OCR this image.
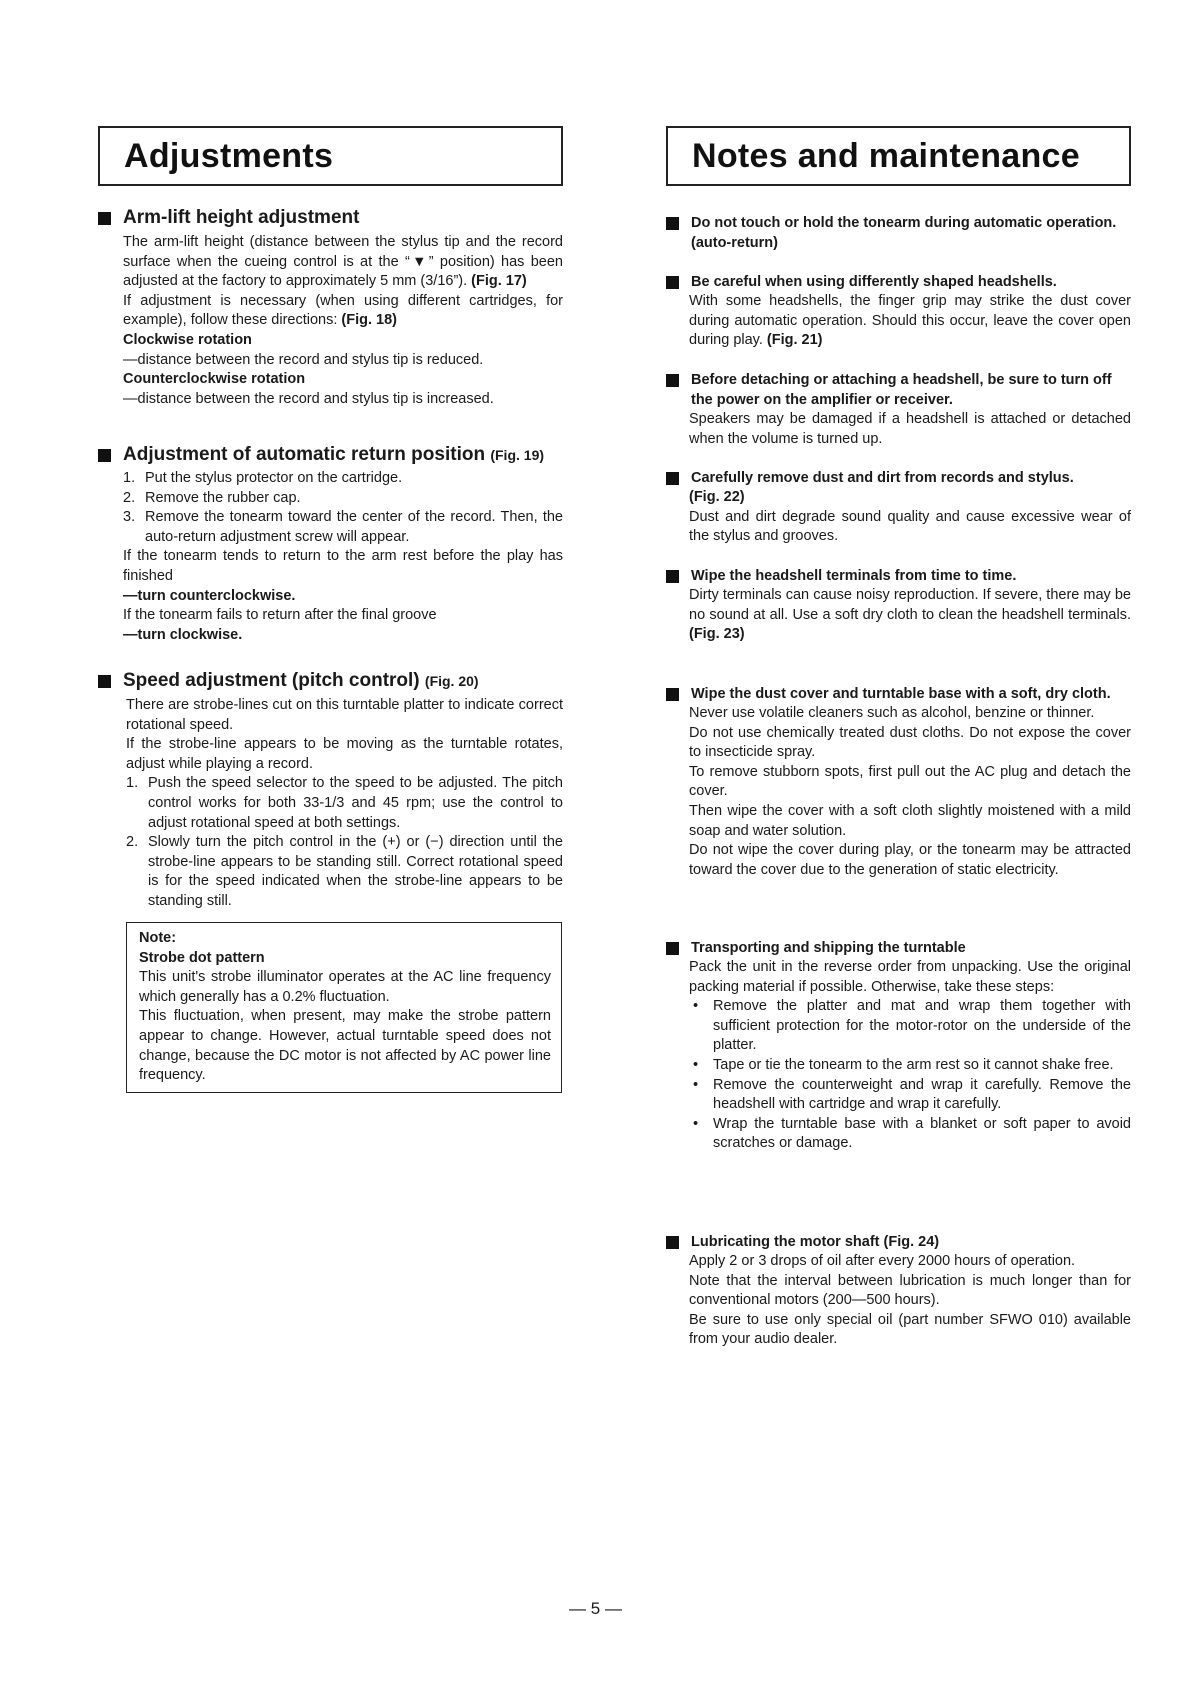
Adjustments
Arm-lift height adjustment

The arm-lift height (distance between the stylus tip and the record surface when the cueing control is at the “▼” position) has been adjusted at the factory to approximately 5 mm (3/16”). (Fig. 17)

If adjustment is necessary (when using different cartridges, for example), follow these directions: (Fig. 18)

Clockwise rotation

—distance between the record and stylus tip is reduced.

Counterclockwise rotation

—distance between the record and stylus tip is increased.

Adjustment of automatic return position (Fig. 19)
1. Put the stylus protector on the cartridge.
2. Remove the rubber cap.
3. Remove the tonearm toward the center of the record. Then, the auto-return adjustment screw will appear.

If the tonearm tends to return to the arm rest before the play has finished

—turn counterclockwise.

If the tonearm fails to return after the final groove

—turn clockwise.

Speed adjustment (pitch control) (Fig. 20)

There are strobe-lines cut on this turntable platter to indicate correct rotational speed.

If the strobe-line appears to be moving as the turntable rotates, adjust while playing a record.

1. Push the speed selector to the speed to be adjusted. The pitch control works for both 33-1/3 and 45 rpm; use the control to adjust rotational speed at both settings.
2. Slowly turn the pitch control in the (+) or (−) direction until the strobe-line appears to be standing still. Correct rotational speed is for the speed indicated when the strobe-line appears to be standing still.

Note:

Strobe dot pattern

This unit's strobe illuminator operates at the AC line frequency which generally has a 0.2% fluctuation.

This fluctuation, when present, may make the strobe pattern appear to change. However, actual turntable speed does not change, because the DC motor is not affected by AC power line frequency.

Notes and maintenance
Do not touch or hold the tonearm during automatic operation. (auto-return)
Be careful when using differently shaped headshells.

With some headshells, the finger grip may strike the dust cover during automatic operation. Should this occur, leave the cover open during play. (Fig. 21)

Before detaching or attaching a headshell, be sure to turn off the power on the amplifier or receiver.

Speakers may be damaged if a headshell is attached or detached when the volume is turned up.

Carefully remove dust and dirt from records and stylus.

(Fig. 22)

Dust and dirt degrade sound quality and cause excessive wear of the stylus and grooves.

Wipe the headshell terminals from time to time.

Dirty terminals can cause noisy reproduction. If severe, there may be no sound at all. Use a soft dry cloth to clean the headshell terminals. (Fig. 23)

Wipe the dust cover and turntable base with a soft, dry cloth.

Never use volatile cleaners such as alcohol, benzine or thinner.

Do not use chemically treated dust cloths. Do not expose the cover to insecticide spray.

To remove stubborn spots, first pull out the AC plug and detach the cover.

Then wipe the cover with a soft cloth slightly moistened with a mild soap and water solution.

Do not wipe the cover during play, or the tonearm may be attracted toward the cover due to the generation of static electricity.

Transporting and shipping the turntable

Pack the unit in the reverse order from unpacking. Use the original packing material if possible. Otherwise, take these steps:

• Remove the platter and mat and wrap them together with sufficient protection for the motor-rotor on the underside of the platter.
• Tape or tie the tonearm to the arm rest so it cannot shake free.
• Remove the counterweight and wrap it carefully. Remove the headshell with cartridge and wrap it carefully.
• Wrap the turntable base with a blanket or soft paper to avoid scratches or damage.
Lubricating the motor shaft (Fig. 24)

Apply 2 or 3 drops of oil after every 2000 hours of operation.

Note that the interval between lubrication is much longer than for conventional motors (200—500 hours).

Be sure to use only special oil (part number SFWO 010) available from your audio dealer.

— 5 —
